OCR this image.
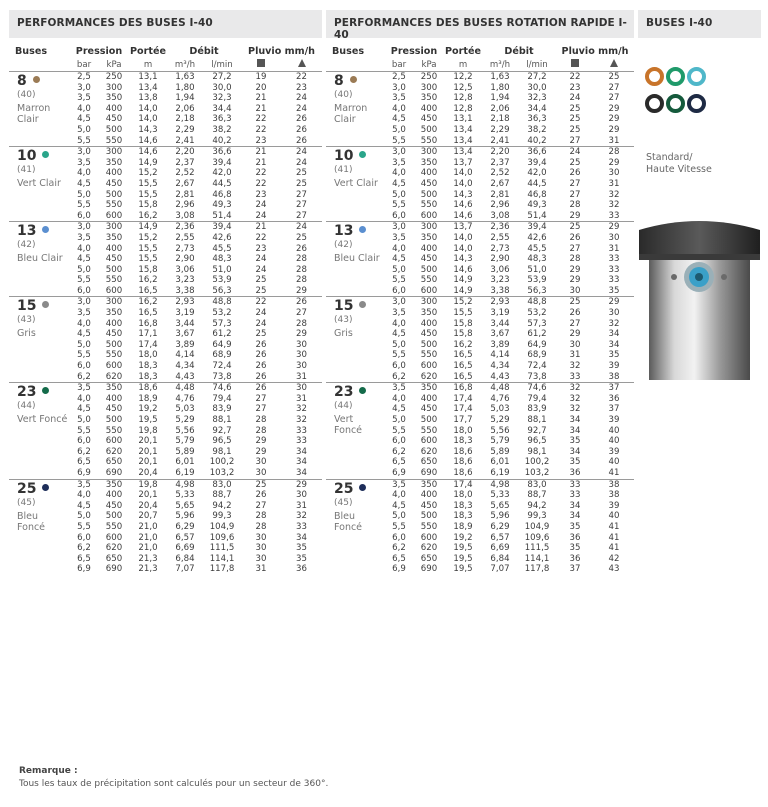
PERFORMANCES DES BUSES I-40	PERFORMANCES DES BUSES ROTATION RAPIDE I-40
BUSES I-40
Buses	Pression		Portée	Débit		Pluvio mm/h	
	bar	kPa	m	m³/h	l/min		
8
(40)
Marron Clair	2,5	250	13,1	1,63	27,2	19	22
	3,0	300	13,4	1,80	30,0	20	23
	3,5	350	13,8	1,94	32,3	21	24
	4,0	400	14,0	2,06	34,4	21	24
	4,5	450	14,0	2,18	36,3	22	26
	5,0	500	14,3	2,29	38,2	22	26
	5,5	550	14,6	2,41	40,2	23	26
10
(41)
Vert Clair	3,0	300	14,6	2,20	36,6	21	24
	3,5	350	14,9	2,37	39,4	21	24
	4,0	400	15,2	2,52	42,0	22	25
	4,5	450	15,5	2,67	44,5	22	25
	5,0	500	15,5	2,81	46,8	23	27
	5,5	550	15,8	2,96	49,3	24	27
	6,0	600	16,2	3,08	51,4	24	27
13
(42)
Bleu Clair	3,0	300	14,9	2,36	39,4	21	24
	3,5	350	15,2	2,55	42,6	22	25
	4,0	400	15,5	2,73	45,5	23	26
	4,5	450	15,5	2,90	48,3	24	28
	5,0	500	15,8	3,06	51,0	24	28
	5,5	550	16,2	3,23	53,9	25	28
	6,0	600	16,5	3,38	56,3	25	29
15
(43)
Gris	3,0	300	16,2	2,93	48,8	22	26
	3,5	350	16,5	3,19	53,2	24	27
	4,0	400	16,8	3,44	57,3	24	28
	4,5	450	17,1	3,67	61,2	25	29
	5,0	500	17,4	3,89	64,9	26	30
	5,5	550	18,0	4,14	68,9	26	30
	6,0	600	18,3	4,34	72,4	26	30
	6,2	620	18,3	4,43	73,8	26	31
23
(44)
Vert Foncé	3,5	350	18,6	4,48	74,6	26	30
	4,0	400	18,9	4,76	79,4	27	31
	4,5	450	19,2	5,03	83,9	27	32
	5,0	500	19,5	5,29	88,1	28	32
	5,5	550	19,8	5,56	92,7	28	33
	6,0	600	20,1	5,79	96,5	29	33
	6,2	620	20,1	5,89	98,1	29	34
	6,5	650	20,1	6,01	100,2	30	34
	6,9	690	20,4	6,19	103,2	30	34
25
(45)
Bleu Foncé	3,5	350	19,8	4,98	83,0	25	29
	4,0	400	20,1	5,33	88,7	26	30
	4,5	450	20,4	5,65	94,2	27	31
	5,0	500	20,7	5,96	99,3	28	32
	5,5	550	21,0	6,29	104,9	28	33
	6,0	600	21,0	6,57	109,6	30	34
	6,2	620	21,0	6,69	111,5	30	35
	6,5	650	21,3	6,84	114,1	30	35
	6,9	690	21,3	7,07	117,8	31	36
Buses	Pression		Portée	Débit		Pluvio mm/h	
	bar	kPa	m	m³/h	l/min		
8
(40)
Marron Clair	2,5	250	12,2	1,63	27,2	22	25
	3,0	300	12,5	1,80	30,0	23	27
	3,5	350	12,8	1,94	32,3	24	27
	4,0	400	12,8	2,06	34,4	25	29
	4,5	450	13,1	2,18	36,3	25	29
	5,0	500	13,4	2,29	38,2	25	29
	5,5	550	13,4	2,41	40,2	27	31
10
(41)
Vert Clair	3,0	300	13,4	2,20	36,6	24	28
	3,5	350	13,7	2,37	39,4	25	29
	4,0	400	14,0	2,52	42,0	26	30
	4,5	450	14,0	2,67	44,5	27	31
	5,0	500	14,3	2,81	46,8	27	32
	5,5	550	14,6	2,96	49,3	28	32
	6,0	600	14,6	3,08	51,4	29	33
13
(42)
Bleu Clair	3,0	300	13,7	2,36	39,4	25	29
	3,5	350	14,0	2,55	42,6	26	30
	4,0	400	14,0	2,73	45,5	27	31
	4,5	450	14,3	2,90	48,3	28	33
	5,0	500	14,6	3,06	51,0	29	33
	5,5	550	14,9	3,23	53,9	29	33
	6,0	600	14,9	3,38	56,3	30	35
15
(43)
Gris	3,0	300	15,2	2,93	48,8	25	29
	3,5	350	15,5	3,19	53,2	26	30
	4,0	400	15,8	3,44	57,3	27	32
	4,5	450	15,8	3,67	61,2	29	34
	5,0	500	16,2	3,89	64,9	30	34
	5,5	550	16,5	4,14	68,9	31	35
	6,0	600	16,5	4,34	72,4	32	39
	6,2	620	16,5	4,43	73,8	33	38
23
(44)
Vert Foncé	3,5	350	16,8	4,48	74,6	32	37
	4,0	400	17,4	4,76	79,4	32	36
	4,5	450	17,4	5,03	83,9	32	37
	5,0	500	17,7	5,29	88,1	34	39
	5,5	550	18,0	5,56	92,7	34	40
	6,0	600	18,3	5,79	96,5	35	40
	6,2	620	18,6	5,89	98,1	34	39
	6,5	650	18,6	6,01	100,2	35	40
	6,9	690	18,6	6,19	103,2	36	41
25
(45)
Bleu Foncé	3,5	350	17,4	4,98	83,0	33	38
	4,0	400	18,0	5,33	88,7	33	38
	4,5	450	18,3	5,65	94,2	34	39
	5,0	500	18,3	5,96	99,3	34	40
	5,5	550	18,9	6,29	104,9	35	41
	6,0	600	19,2	6,57	109,6	36	41
	6,2	620	19,5	6,69	111,5	35	41
	6,5	650	19,5	6,84	114,1	36	42
	6,9	690	19,5	7,07	117,8	37	43

Standard/
Haute Vitesse
Remarque :
Tous les taux de précipitation sont calculés pour un secteur de 360°.
